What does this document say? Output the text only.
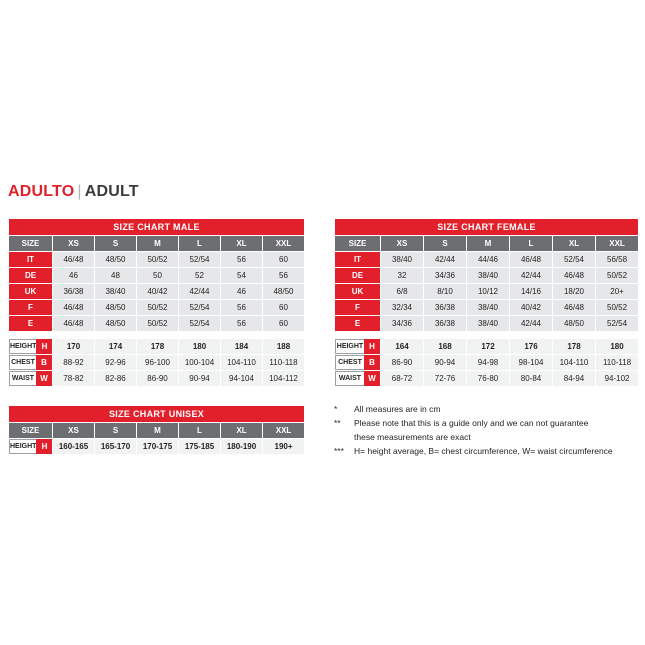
ADULTO | ADULT
SIZE CHART MALE						
SIZE	XS	S	M	L	XL	XXL
IT	46/48	48/50	50/52	52/54	56	60
DE	46	48	50	52	54	56
UK	36/38	38/40	40/42	42/44	46	48/50
F	46/48	48/50	50/52	52/54	56	60
E	46/48	48/50	50/52	52/54	56	60

HEIGHT H	170	174	178	180	184	188

CHEST B	88-92	92-96	96-100	100-104	104-110	110-118

WAIST W	78-82	82-86	86-90	90-94	94-104	104-112
SIZE CHART FEMALE						
SIZE	XS	S	M	L	XL	XXL
IT	38/40	42/44	44/46	46/48	52/54	56/58
DE	32	34/36	38/40	42/44	46/48	50/52
UK	6/8	8/10	10/12	14/16	18/20	20+
F	32/34	36/38	38/40	40/42	46/48	50/52
E	34/36	36/38	38/40	42/44	48/50	52/54

HEIGHT H	164	168	172	176	178	180

CHEST B	86-90	90-94	94-98	98-104	104-110	110-118

WAIST W	68-72	72-76	76-80	80-84	84-94	94-102
SIZE CHART UNISEX						
SIZE	XS	S	M	L	XL	XXL

HEIGHT H	160-165	165-170	170-175	175-185	180-190	190+
*	All measures are in cm
**	Please note that this is a guide only and we can not guarantee
these measurements are exact
***	H= height average, B= chest circumference, W= waist circumference
